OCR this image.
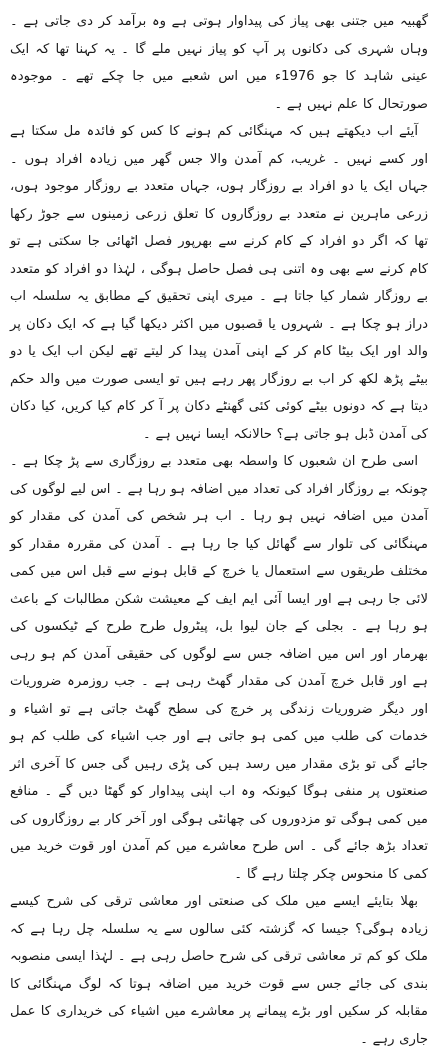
گھبیہ میں جتنی بھی پیاز کی پیداوار ہوتی ہے وہ برآمد کر دی جاتی ہے ۔ وہاں شہری کی دکانوں پر آپ کو پیاز نہیں ملے گا ۔ یہ کہنا تھا کہ ایک عینی شاہد کا جو 1976ء میں اس شعبے میں جا چکے تھے ۔ موجودہ صورتحال کا علم نہیں ہے ۔

آیئے اب دیکھتے ہیں کہ مہنگائی کم ہونے کا کس کو فائدہ مل سکتا ہے اور کسے نہیں ۔ غریب، کم آمدن والا جس گھر میں زیادہ افراد ہوں ۔ جہاں ایک یا دو افراد بے روزگار ہوں، جہاں متعدد بے روزگار موجود ہوں، زرعی ماہرین نے متعدد بے روزگاروں کا تعلق زرعی زمینوں سے جوڑ رکھا تھا کہ اگر دو افراد کے کام کرنے سے بھرپور فصل اٹھائی جا سکتی ہے تو کام کرنے سے بھی وہ اتنی ہی فصل حاصل ہوگی ، لہٰذا دو افراد کو متعدد بے روزگار شمار کیا جاتا ہے ۔ میری اپنی تحقیق کے مطابق یہ سلسلہ اب دراز ہو چکا ہے ۔ شہروں یا قصبوں میں اکثر دیکھا گیا ہے کہ ایک دکان پر والد اور ایک بیٹا کام کر کے اپنی آمدن پیدا کر لیتے تھے لیکن اب ایک یا دو بیٹے پڑھ لکھ کر اب بے روزگار پھر رہے ہیں تو ایسی صورت میں والد حکم دیتا ہے کہ دونوں بیٹے کوئی کئی گھنٹے دکان پر آ کر کام کیا کریں، کیا دکان کی آمدن ڈبل ہو جاتی ہے؟ حالانکہ ایسا نہیں ہے ۔

اسی طرح ان شعبوں کا واسطہ بھی متعدد بے روزگاری سے پڑ چکا ہے ۔ چونکہ بے روزگار افراد کی تعداد میں اضافہ ہو رہا ہے ۔ اس لیے لوگوں کی آمدن میں اضافہ نہیں ہو رہا ۔ اب ہر شخص کی آمدن کی مقدار کو مہنگائی کی تلوار سے گھائل کیا جا رہا ہے ۔ آمدن کی مقررہ مقدار کو مختلف طریقوں سے استعمال یا خرچ کے قابل ہونے سے قبل اس میں کمی لائی جا رہی ہے اور ایسا آئی ایم ایف کے معیشت شکن مطالبات کے باعث ہو رہا ہے ۔ بجلی کے جان لیوا بل، پیٹرول طرح طرح کے ٹیکسوں کی بھرمار اور اس میں اضافہ جس سے لوگوں کی حقیقی آمدن کم ہو رہی ہے اور قابل خرچ آمدن کی مقدار گھٹ رہی ہے ۔ جب روزمرہ ضروریات اور دیگر ضروریات زندگی پر خرچ کی سطح گھٹ جاتی ہے تو اشیاء و خدمات کی طلب میں کمی ہو جاتی ہے اور جب اشیاء کی طلب کم ہو جائے گی تو بڑی مقدار میں رسد ہیں کی پڑی رہیں گی جس کا آخری اثر صنعتوں پر منفی ہوگا کیونکہ وہ اب اپنی پیداوار کو گھٹا دیں گے ۔ منافع میں کمی ہوگی تو مزدوروں کی چھانٹی ہوگی اور آخر کار بے روزگاروں کی تعداد بڑھ جائے گی ۔ اس طرح معاشرے میں کم آمدن اور قوت خرید میں کمی کا منحوس چکر چلتا رہے گا ۔

بھلا بتایئے ایسے میں ملک کی صنعتی اور معاشی ترقی کی شرح کیسے زیادہ ہوگی؟ جیسا کہ گزشتہ کئی سالوں سے یہ سلسلہ چل رہا ہے کہ ملک کو کم تر معاشی ترقی کی شرح حاصل رہی ہے ۔ لہٰذا ایسی منصوبہ بندی کی جائے جس سے قوت خرید میں اضافہ ہوتا کہ لوگ مہنگائی کا مقابلہ کر سکیں اور بڑے پیمانے پر معاشرے میں اشیاء کی خریداری کا عمل جاری رہے ۔
